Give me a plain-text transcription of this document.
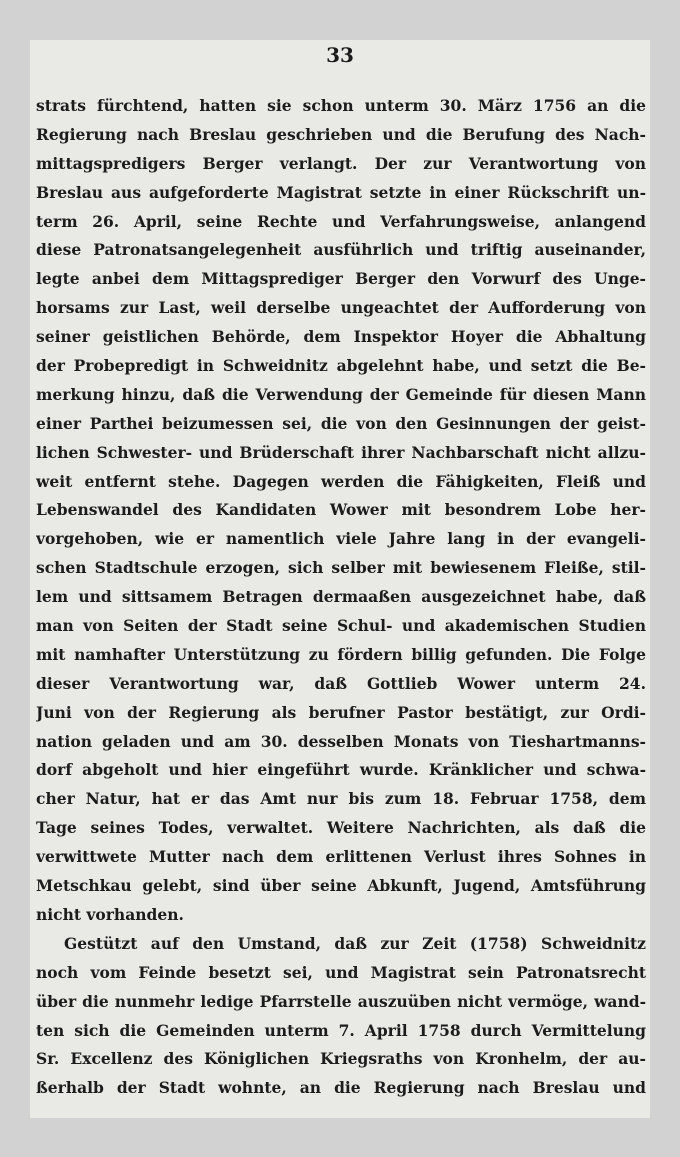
33
strats fürchtend, hatten sie schon unterm 30. März 1756 an die
Regierung nach Breslau geschrieben und die Berufung des Nach-
mittagspredigers Berger verlangt. Der zur Verantwortung von
Breslau aus aufgeforderte Magistrat setzte in einer Rückschrift un-
term 26. April, seine Rechte und Verfahrungsweise, anlangend
diese Patronatsangelegenheit ausführlich und triftig auseinander,
legte anbei dem Mittagsprediger Berger den Vorwurf des Unge-
horsams zur Last, weil derselbe ungeachtet der Aufforderung von
seiner geistlichen Behörde, dem Inspektor Hoyer die Abhaltung
der Probepredigt in Schweidnitz abgelehnt habe, und setzt die Be-
merkung hinzu, daß die Verwendung der Gemeinde für diesen Mann
einer Parthei beizumessen sei, die von den Gesinnungen der geist-
lichen Schwester- und Brüderschaft ihrer Nachbarschaft nicht allzu-
weit entfernt stehe. Dagegen werden die Fähigkeiten, Fleiß und
Lebenswandel des Kandidaten Wower mit besondrem Lobe her-
vorgehoben, wie er namentlich viele Jahre lang in der evangeli-
schen Stadtschule erzogen, sich selber mit bewiesenem Fleiße, stil-
lem und sittsamem Betragen dermaaßen ausgezeichnet habe, daß
man von Seiten der Stadt seine Schul- und akademischen Studien
mit namhafter Unterstützung zu fördern billig gefunden. Die Folge
dieser Verantwortung war, daß Gottlieb Wower unterm 24.
Juni von der Regierung als berufner Pastor bestätigt, zur Ordi-
nation geladen und am 30. desselben Monats von Tieshartmanns-
dorf abgeholt und hier eingeführt wurde. Kränklicher und schwa-
cher Natur, hat er das Amt nur bis zum 18. Februar 1758, dem
Tage seines Todes, verwaltet. Weitere Nachrichten, als daß die
verwittwete Mutter nach dem erlittenen Verlust ihres Sohnes in
Metschkau gelebt, sind über seine Abkunft, Jugend, Amtsführung
nicht vorhanden.
Gestützt auf den Umstand, daß zur Zeit (1758) Schweidnitz
noch vom Feinde besetzt sei, und Magistrat sein Patronatsrecht
über die nunmehr ledige Pfarrstelle auszuüben nicht vermöge, wand-
ten sich die Gemeinden unterm 7. April 1758 durch Vermittelung
Sr. Excellenz des Königlichen Kriegsraths von Kronhelm, der au-
ßerhalb der Stadt wohnte, an die Regierung nach Breslau und
